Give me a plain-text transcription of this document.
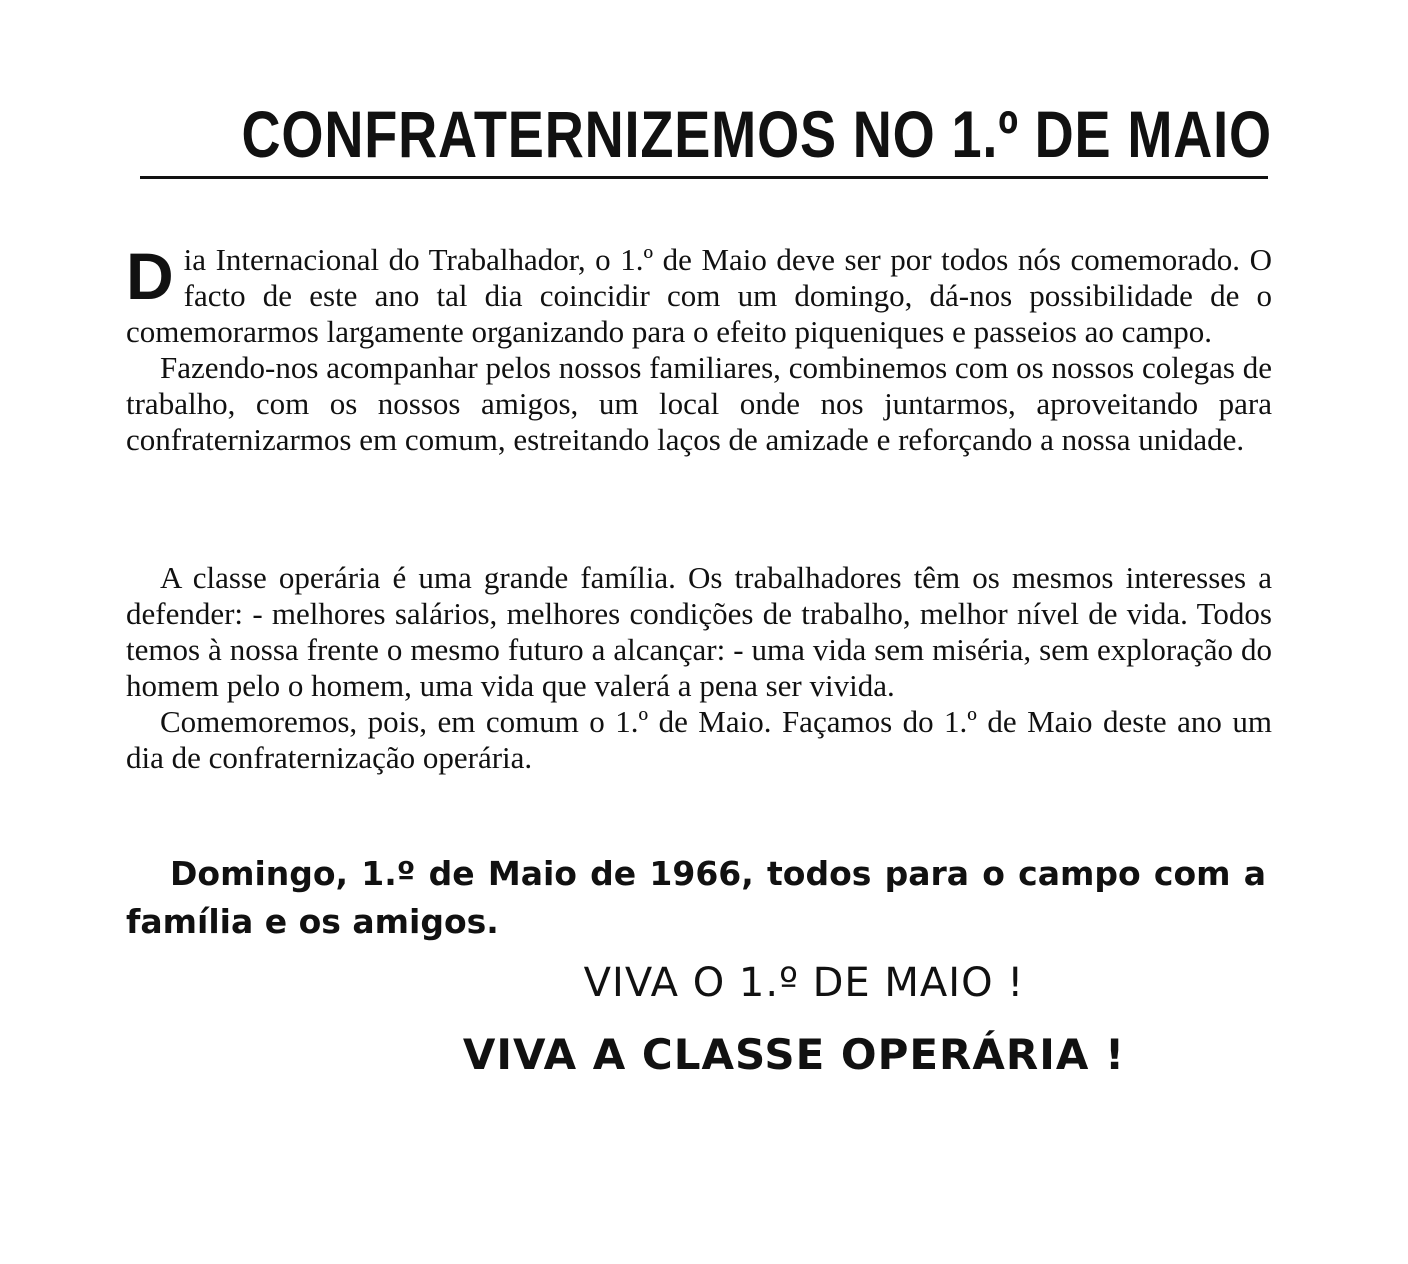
CONFRATERNIZEMOS NO 1.º DE MAIO

Dia Internacional do Trabalhador, o 1.º de Maio deve ser por todos nós comemorado. O facto de este ano tal dia coincidir com um domingo, dá-nos possibilidade de o comemorarmos largamente organizando para o efeito piqueniques e passeios ao campo.

Fazendo-nos acompanhar pelos nossos familiares, combinemos com os nossos colegas de trabalho, com os nossos amigos, um local onde nos juntarmos, aproveitando para confraternizarmos em comum, estreitando laços de amizade e reforçando a nossa unidade.

A classe operária é uma grande família. Os trabalhadores têm os mesmos interesses a defender: - melhores salários, melhores condições de trabalho, melhor nível de vida. Todos temos à nossa frente o mesmo futuro a alcançar: - uma vida sem miséria, sem exploração do homem pelo o homem, uma vida que valerá a pena ser vivida.

Comemoremos, pois, em comum o 1.º de Maio. Façamos do 1.º de Maio deste ano um dia de confraternização operária.

Domingo, 1.º de Maio de 1966, todos para o campo com a família e os amigos.
VIVA O 1.º DE MAIO !
VIVA A CLASSE OPERÁRIA !
